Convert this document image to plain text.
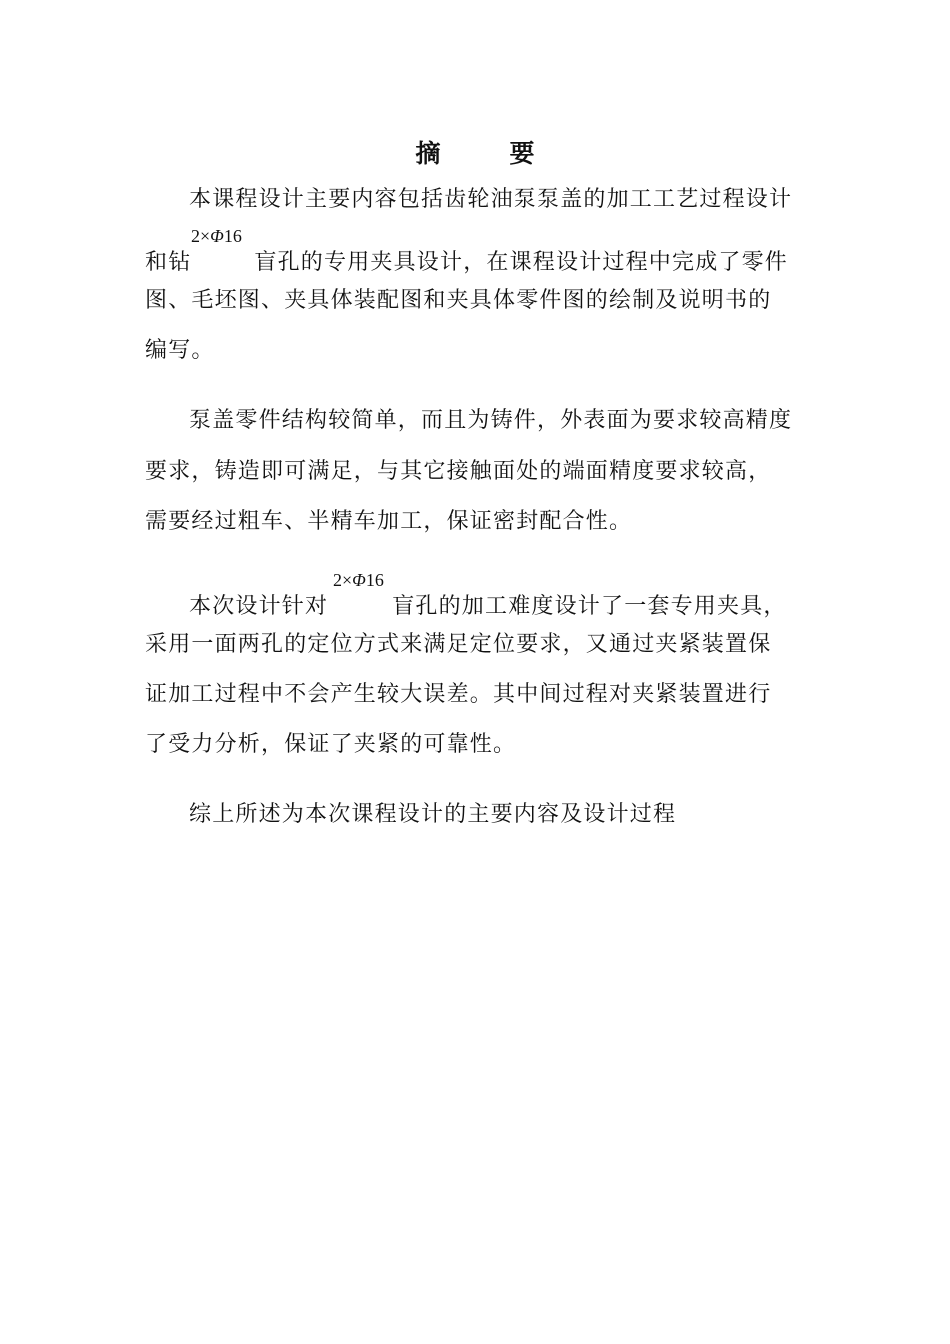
摘　要
本课程设计主要内容包括齿轮油泵泵盖的加工工艺过程设计
2×Φ16
和钻	盲孔的专用夹具设计，在课程设计过程中完成了零件
图、毛坯图、夹具体装配图和夹具体零件图的绘制及说明书的
编写。
泵盖零件结构较简单，而且为铸件，外表面为要求较高精度
要求，铸造即可满足，与其它接触面处的端面精度要求较高，
需要经过粗车、半精车加工，保证密封配合性。
2×Φ16
本次设计针对	盲孔的加工难度设计了一套专用夹具，
采用一面两孔的定位方式来满足定位要求，又通过夹紧装置保
证加工过程中不会产生较大误差。其中间过程对夹紧装置进行
了受力分析，保证了夹紧的可靠性。
综上所述为本次课程设计的主要内容及设计过程
